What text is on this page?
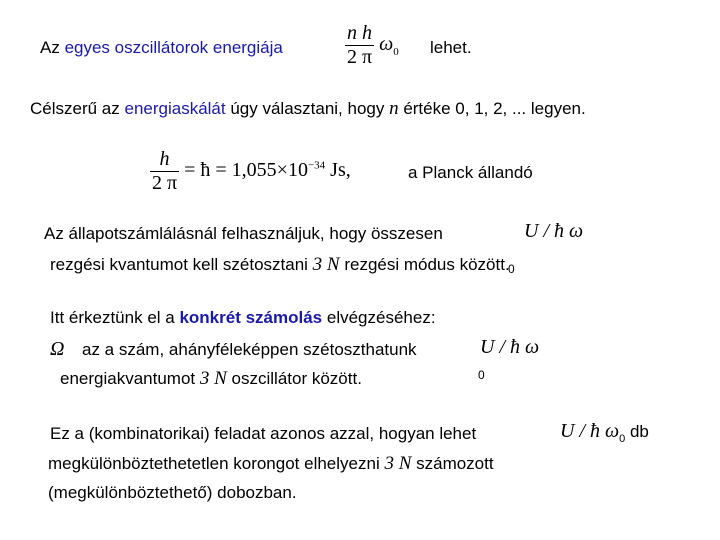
Az egyes oszcillátorok energiája	$\frac{\text{n h}}{2 \pi} \omega_0$ lehet.
Célszerű az energiaskálát úgy választani, hogy n értéke 0, 1, 2, ... legyen.
$\frac{h}{2 \pi}$ = ħ = $1,055\times 10^{-34}$ Js,	a Planck állandó
Az állapotszámlálásnál felhasználjuk, hogy összesen	U / ħ ω
rezgési kvantumot kell szétosztani 3 N rezgési módus között.
0
Itt érkeztünk el a konkrét számolás elvégzéséhez:
Ω az a szám, ahányféleképpen szétoszthatunk	U / ħ ω
energiakvantumot 3 N oszcillátor között.	0
Ez a (kombinatorikai) feladat azonos azzal, hogyan lehet	U / ħ $\omega_0$ db
megkülönböztethetetlen korongot elhelyezni 3 N számozott
(megkülönböztethető) dobozban.
